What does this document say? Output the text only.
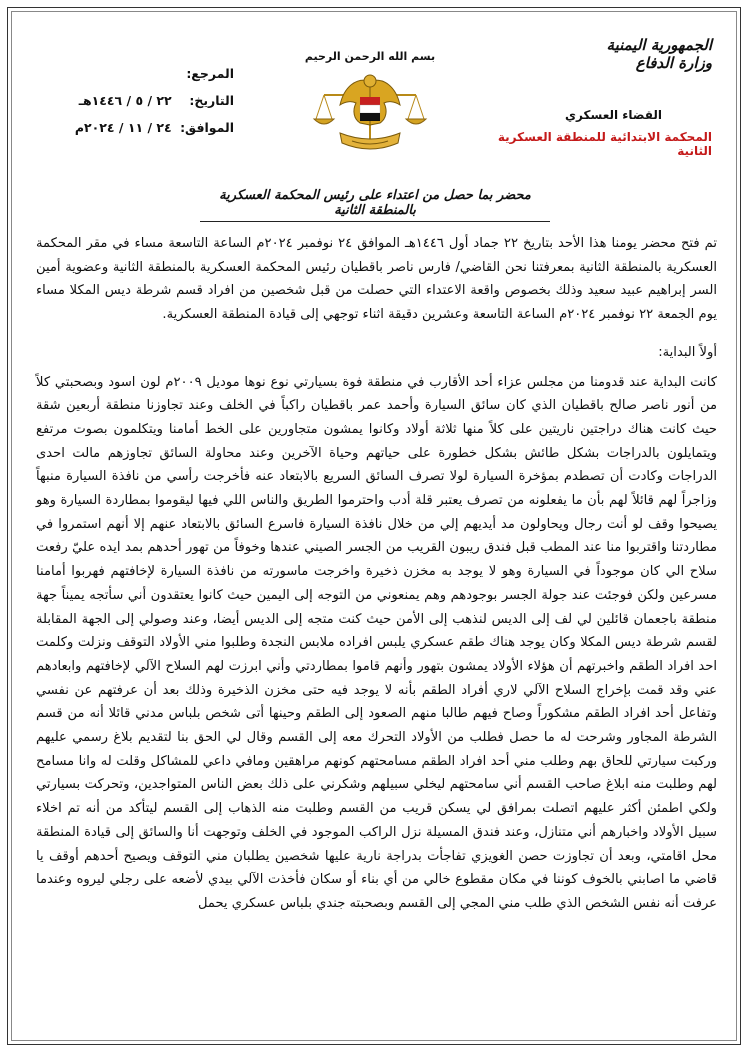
الجمهورية اليمنية
وزارة الدفاع
القضاء العسكري
المحكمة الابتدائية للمنطقة العسكرية الثانية
بسم الله الرحمن الرحيم
المرجع:
التاريخ: ٢٢ / ٥ / ١٤٤٦هـ
الموافق: ٢٤ / ١١ / ٢٠٢٤م
محضر بما حصل من اعتداء على رئيس المحكمة العسكرية بالمنطقة الثانية

تم فتح محضر يومنا هذا الأحد بتاريخ ٢٢ جماد أول ١٤٤٦هـ الموافق ٢٤ نوفمبر ٢٠٢٤م الساعة التاسعة مساء في مقر المحكمة العسكرية بالمنطقة الثانية بمعرفتنا نحن القاضي/ فارس ناصر باقطيان رئيس المحكمة العسكرية بالمنطقة الثانية وعضوية أمين السر إبراهيم عبيد سعيد وذلك بخصوص واقعة الاعتداء التي حصلت من قبل شخصين من افراد قسم شرطة ديس المكلا مساء يوم الجمعة ٢٢ نوفمبر ٢٠٢٤م الساعة التاسعة وعشرين دقيقة اثناء توجهي إلى قيادة المنطقة العسكرية.

أولاً البداية:

كانت البداية عند قدومنا من مجلس عزاء أحد الأقارب في منطقة فوة بسيارتي نوع نوها موديل ٢٠٠٩م لون اسود وبصحبتي كلاً من أنور ناصر صالح باقطيان الذي كان سائق السيارة وأحمد عمر باقطيان راكباً في الخلف وعند تجاوزنا منطقة أربعين شقة حيث كانت هناك دراجتين ناريتين على كلاً منها ثلاثة أولاد وكانوا يمشون متجاورين على الخط أمامنا ويتكلمون بصوت مرتفع ويتمايلون بالدراجات بشكل طائش بشكل خطورة على حياتهم وحياة الآخرين وعند محاولة السائق تجاوزهم مالت احدى الدراجات وكادت أن تصطدم بمؤخرة السيارة لولا تصرف السائق السريع بالابتعاد عنه فأخرجت رأسي من نافذة السيارة منبهاً وزاجراً لهم قائلاً لهم بأن ما يفعلونه من تصرف يعتبر قلة أدب واحترموا الطريق والناس اللي فيها ليقوموا بمطاردة السيارة وهو يصيحوا وقف لو أنت رجال ويحاولون مد أيديهم إلي من خلال نافذة السيارة فاسرع السائق بالابتعاد عنهم إلا أنهم استمروا في مطاردتنا واقتربوا منا عند المطب قبل فندق ريبون القريب من الجسر الصيني عندها وخوفاً من تهور أحدهم بمد ايده عليّ رفعت سلاح الي كان موجوداً في السيارة وهو لا يوجد به مخزن ذخيرة واخرجت ماسورته من نافذة السيارة لإخافتهم فهربوا أمامنا مسرعين ولكن فوجئت عند جولة الجسر بوجودهم وهم يمنعوني من التوجه إلى اليمين حيث كانوا يعتقدون أني سأتجه يميناً جهة منطقة باجعمان قائلين لي لف إلى الديس لنذهب إلى الأمن حيث كنت متجه إلى الديس أيضا، وعند وصولي إلى الجهة المقابلة لقسم شرطة ديس المكلا وكان يوجد هناك طقم عسكري يلبس افراده ملابس النجدة وطلبوا مني الأولاد التوقف ونزلت وكلمت احد افراد الطقم واخبرتهم أن هؤلاء الأولاد يمشون بتهور وأنهم قاموا بمطاردتي وأني ابرزت لهم السلاح الآلي لإخافتهم وابعادهم عني وقد قمت بإخراج السلاح الآلي لاري أفراد الطقم بأنه لا يوجد فيه حتى مخزن الذخيرة وذلك بعد أن عرفتهم عن نفسي وتفاعل أحد افراد الطقم مشكوراً وصاح فيهم طالبا منهم الصعود إلى الطقم وحينها أتى شخص بلباس مدني قائلا أنه من قسم الشرطة المجاور وشرحت له ما حصل فطلب من الأولاد التحرك معه إلى القسم وقال لي الحق بنا لتقديم بلاغ رسمي عليهم وركبت سيارتي للحاق بهم وطلب مني أحد افراد الطقم مسامحتهم كونهم مراهقين ومافي داعي للمشاكل وقلت له وانا مسامح لهم وطلبت منه ابلاغ صاحب القسم أني سامحتهم ليخلي سبيلهم وشكرني على ذلك بعض الناس المتواجدين، وتحركت بسيارتي ولكي اطمئن أكثر عليهم اتصلت بمرافق لي يسكن قريب من القسم وطلبت منه الذهاب إلى القسم ليتأكد من أنه تم اخلاء سبيل الأولاد واخبارهم أني متنازل، وعند فندق المسيلة نزل الراكب الموجود في الخلف وتوجهت أنا والسائق إلى قيادة المنطقة محل اقامتي، وبعد أن تجاوزت حصن الغويزي تفاجأت بدراجة نارية عليها شخصين يطلبان مني التوقف ويصيح أحدهم أوقف يا قاضي ما اصابني بالخوف كوننا في مكان مقطوع خالي من أي بناء أو سكان فأخذت الآلي بيدي لأضعه على رجلي ليروه وعندما عرفت أنه نفس الشخص الذي طلب مني المجي إلى القسم وبصحبته جندي بلباس عسكري يحمل
